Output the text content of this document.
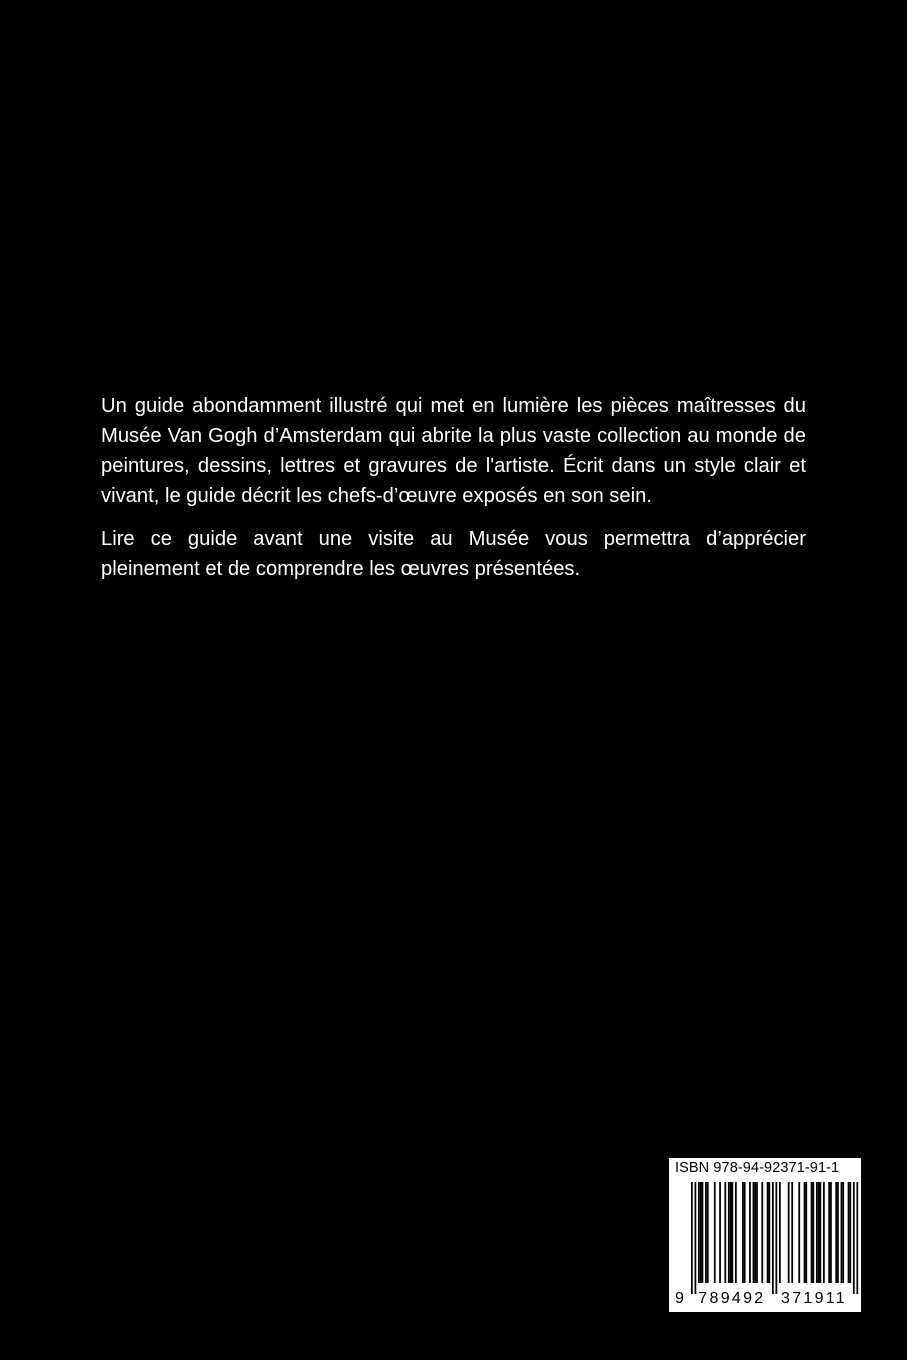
Un guide abondamment illustré qui met en lumière les pièces maîtresses du Musée Van Gogh d’Amsterdam qui abrite la plus vaste collection au monde de peintures, dessins, lettres et gravures de l'artiste. Écrit dans un style clair et vivant, le guide décrit les chefs-d’œuvre exposés en son sein.

Lire ce guide avant une visite au Musée vous permettra d’apprécier pleinement et de comprendre les œuvres présentées.

ISBN 978-94-92371-91-1
9 789492 371911
